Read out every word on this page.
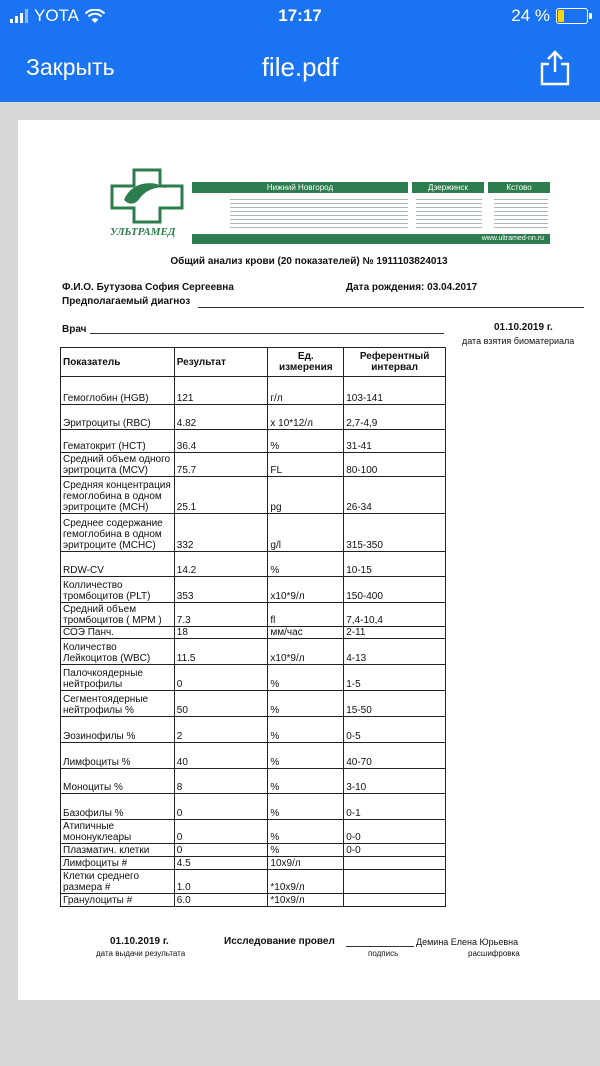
YOTA	17:17	24 %
Закрыть	file.pdf
УЛЬТРАМЕД
Нижний Новгород	Дзержинск	Кстово
www.ultramed-nn.ru
Общий анализ крови (20 показателей) № 1911103824013
Ф.И.О. Бутузова София Сергеевна	Дата рождения: 03.04.2017
Предполагаемый диагноз
Врач	01.10.2019 г.
дата взятия биоматериала
Показатель	Результат	Ед. измерения	Референтный интервал
Гемоглобин (HGB)	121	г/л	103-141
Эритроциты (RBC)	4.82	x 10*12/л	2,7-4,9
Гематокрит (HCT)	36.4	%	31-41
Средний объем одного эритроцита (MCV)	75.7	FL	80-100
Средняя концентрация гемоглобина в одном эритроците (MCH)	25.1	pg	26-34
Среднее содержание гемоглобина в одном эритроците (MCHC)	332	g/l	315-350
RDW-CV	14.2	%	10-15
Колличество тромбоцитов (PLT)	353	x10*9/л	150-400
Средний объем тромбоцитов ( MPM )	7.3	fl	7,4-10,4
СОЭ Панч.	18	мм/час	2-11
Количество Лейкоцитов (WBC)	11.5	x10*9/л	4-13
Палочкоядерные нейтрофилы	0	%	1-5
Сегментоядерные нейтрофилы %	50	%	15-50
Эозинофилы %	2	%	0-5
Лимфоциты %	40	%	40-70
Моноциты %	8	%	3-10
Базофилы %	0	%	0-1
Атипичные мононуклеары	0	%	0-0
Плазматич. клетки	0	%	0-0
Лимфоциты #	4.5	10x9/л	
Клетки среднего размера #	1.0	*10x9/л	
Гранулоциты #	6.0	*10x9/л	
01.10.2019 г.
дата выдачи результата
Исследование провел	Демина Елена Юрьевна
подпись	расшифровка
